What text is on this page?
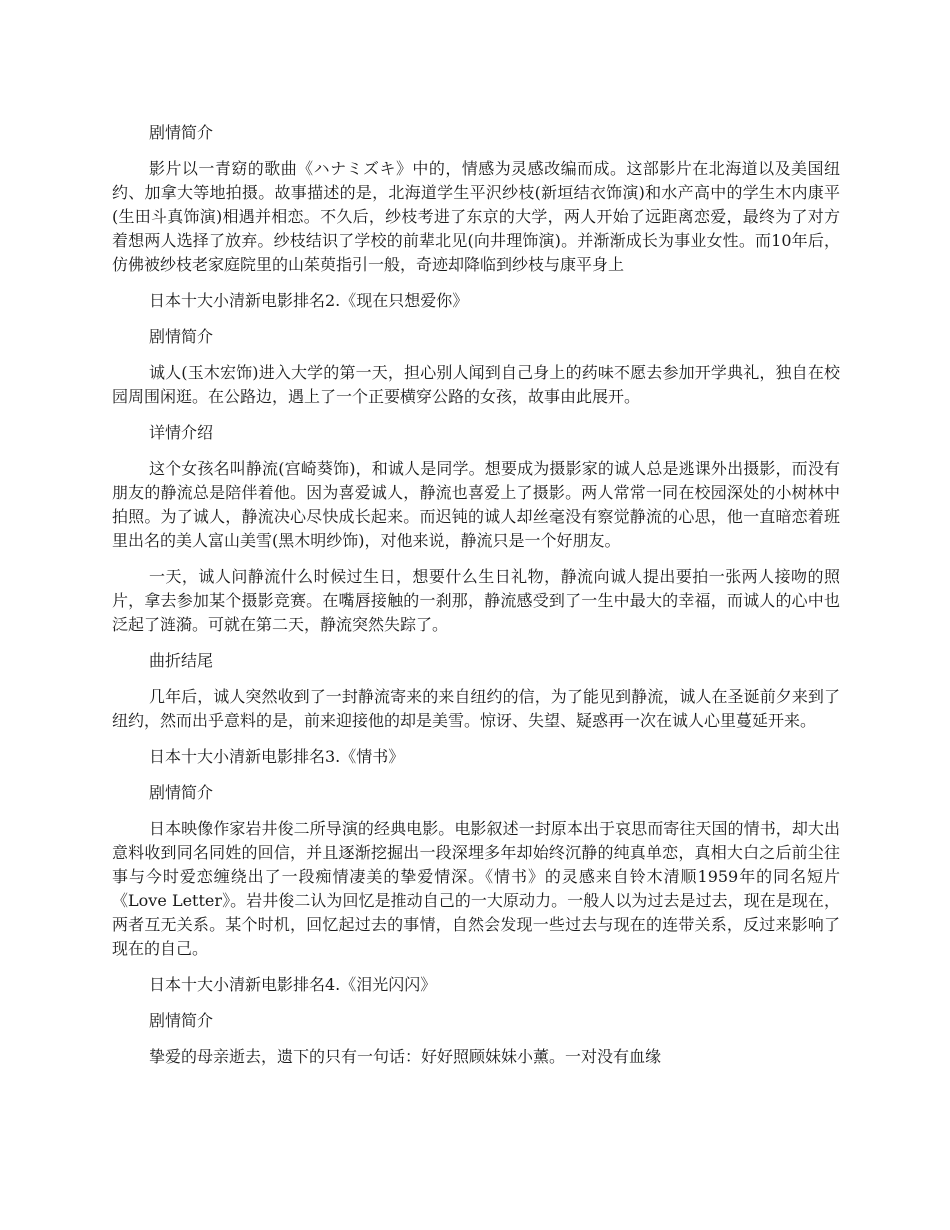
剧情简介

影片以一青窈的歌曲《ハナミズキ》中的，情感为灵感改编而成。这部影片在北海道以及美国纽约、加拿大等地拍摄。故事描述的是，北海道学生平沢纱枝(新垣结衣饰演)和水产高中的学生木内康平(生田斗真饰演)相遇并相恋。不久后，纱枝考进了东京的大学，两人开始了远距离恋爱，最终为了对方着想两人选择了放弃。纱枝结识了学校的前辈北见(向井理饰演)。并渐渐成长为事业女性。而10年后，仿佛被纱枝老家庭院里的山茱萸指引一般，奇迹却降临到纱枝与康平身上

日本十大小清新电影排名2.《现在只想爱你》

剧情简介

诚人(玉木宏饰)进入大学的第一天，担心别人闻到自己身上的药味不愿去参加开学典礼，独自在校园周围闲逛。在公路边，遇上了一个正要横穿公路的女孩，故事由此展开。

详情介绍

这个女孩名叫静流(宫崎葵饰)，和诚人是同学。想要成为摄影家的诚人总是逃课外出摄影，而没有朋友的静流总是陪伴着他。因为喜爱诚人，静流也喜爱上了摄影。两人常常一同在校园深处的小树林中拍照。为了诚人，静流决心尽快成长起来。而迟钝的诚人却丝毫没有察觉静流的心思，他一直暗恋着班里出名的美人富山美雪(黑木明纱饰)，对他来说，静流只是一个好朋友。

一天，诚人问静流什么时候过生日，想要什么生日礼物，静流向诚人提出要拍一张两人接吻的照片，拿去参加某个摄影竞赛。在嘴唇接触的一刹那，静流感受到了一生中最大的幸福，而诚人的心中也泛起了涟漪。可就在第二天，静流突然失踪了。

曲折结尾

几年后，诚人突然收到了一封静流寄来的来自纽约的信，为了能见到静流，诚人在圣诞前夕来到了纽约，然而出乎意料的是，前来迎接他的却是美雪。惊讶、失望、疑惑再一次在诚人心里蔓延开来。

日本十大小清新电影排名3.《情书》

剧情简介

日本映像作家岩井俊二所导演的经典电影。电影叙述一封原本出于哀思而寄往天国的情书，却大出意料收到同名同姓的回信，并且逐渐挖掘出一段深埋多年却始终沉静的纯真单恋，真相大白之后前尘往事与今时爱恋缠绕出了一段痴情凄美的挚爱情深。《情书》的灵感来自铃木清顺1959年的同名短片《Love Letter》。岩井俊二认为回忆是推动自己的一大原动力。一般人以为过去是过去，现在是现在，两者互无关系。某个时机，回忆起过去的事情，自然会发现一些过去与现在的连带关系，反过来影响了现在的自己。

日本十大小清新电影排名4.《泪光闪闪》

剧情简介

挚爱的母亲逝去，遗下的只有一句话：好好照顾妹妹小薰。一对没有血缘
